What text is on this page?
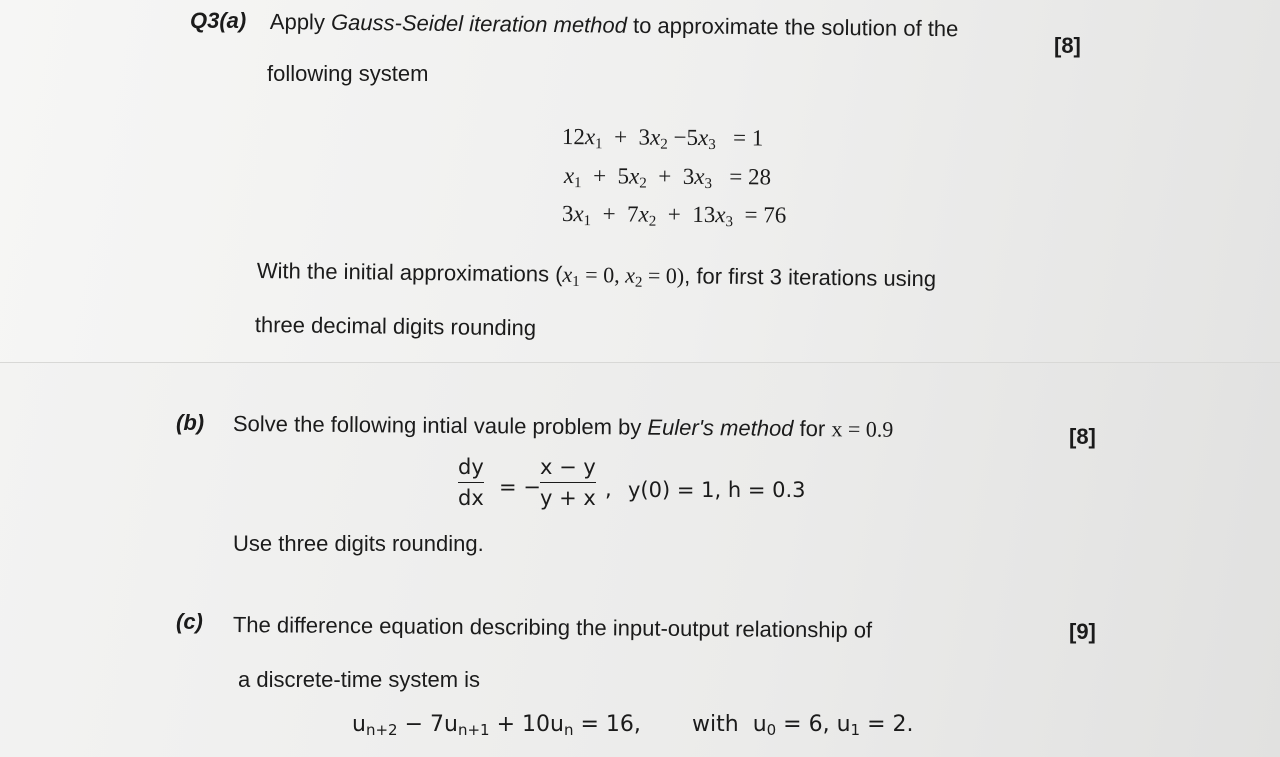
Q3(a) Apply Gauss-Seidel iteration method to approximate the solution of the
[8]
following system
$12x_1 + 3x_2 -5x_3 = 1$
$x_1 + 5x_2 + 3x_3 = 28$
$3x_1 + 7x_2 + 13x_3 = 76$
With the initial approximations ($x_1 = 0$, $x_2 = 0$), for first 3 iterations using
three decimal digits rounding
(b) Solve the following intial vaule problem by Euler's method for x = 0.9	[8]
dy
dx = −
x − y
y + x , y(0) = 1, h = 0.3
Use three digits rounding.
(c) The difference equation describing the input-output relationship of	[9]
a discrete-time system is
$u_{n+2} - 7u_{n+1} + 10u_n = 16$, with $u_0 = 6$, $u_1 = 2$.
